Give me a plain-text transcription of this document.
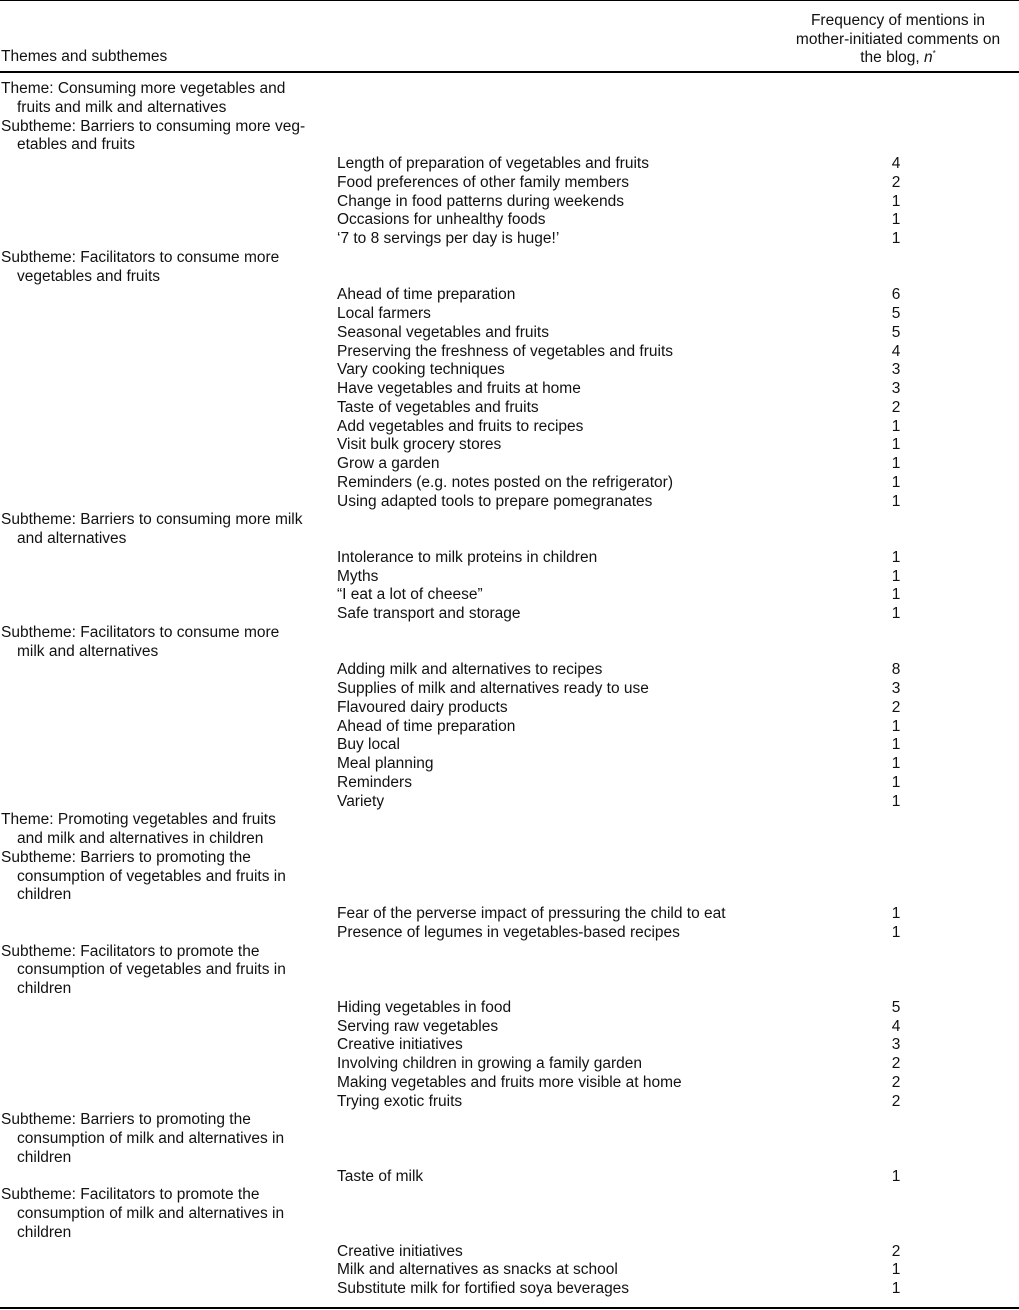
Themes and subthemes
Frequency of mentions in
mother-initiated comments on
the blog, n*
Theme: Consuming more vegetables and
fruits and milk and alternatives
Subtheme: Barriers to consuming more veg-
etables and fruits
Length of preparation of vegetables and fruits	4
Food preferences of other family members	2
Change in food patterns during weekends	1
Occasions for unhealthy foods	1
‘7 to 8 servings per day is huge!’	1
Subtheme: Facilitators to consume more
vegetables and fruits
Ahead of time preparation	6
Local farmers	5
Seasonal vegetables and fruits	5
Preserving the freshness of vegetables and fruits	4
Vary cooking techniques	3
Have vegetables and fruits at home	3
Taste of vegetables and fruits	2
Add vegetables and fruits to recipes	1
Visit bulk grocery stores	1
Grow a garden	1
Reminders (e.g. notes posted on the refrigerator)	1
Using adapted tools to prepare pomegranates	1
Subtheme: Barriers to consuming more milk
and alternatives
Intolerance to milk proteins in children	1
Myths	1
“I eat a lot of cheese”	1
Safe transport and storage	1
Subtheme: Facilitators to consume more
milk and alternatives
Adding milk and alternatives to recipes	8
Supplies of milk and alternatives ready to use	3
Flavoured dairy products	2
Ahead of time preparation	1
Buy local	1
Meal planning	1
Reminders	1
Variety	1
Theme: Promoting vegetables and fruits
and milk and alternatives in children
Subtheme: Barriers to promoting the
consumption of vegetables and fruits in
children
Fear of the perverse impact of pressuring the child to eat	1
Presence of legumes in vegetables-based recipes	1
Subtheme: Facilitators to promote the
consumption of vegetables and fruits in
children
Hiding vegetables in food	5
Serving raw vegetables	4
Creative initiatives	3
Involving children in growing a family garden	2
Making vegetables and fruits more visible at home	2
Trying exotic fruits	2
Subtheme: Barriers to promoting the
consumption of milk and alternatives in
children
Taste of milk	1
Subtheme: Facilitators to promote the
consumption of milk and alternatives in
children
Creative initiatives	2
Milk and alternatives as snacks at school	1
Substitute milk for fortified soya beverages	1
